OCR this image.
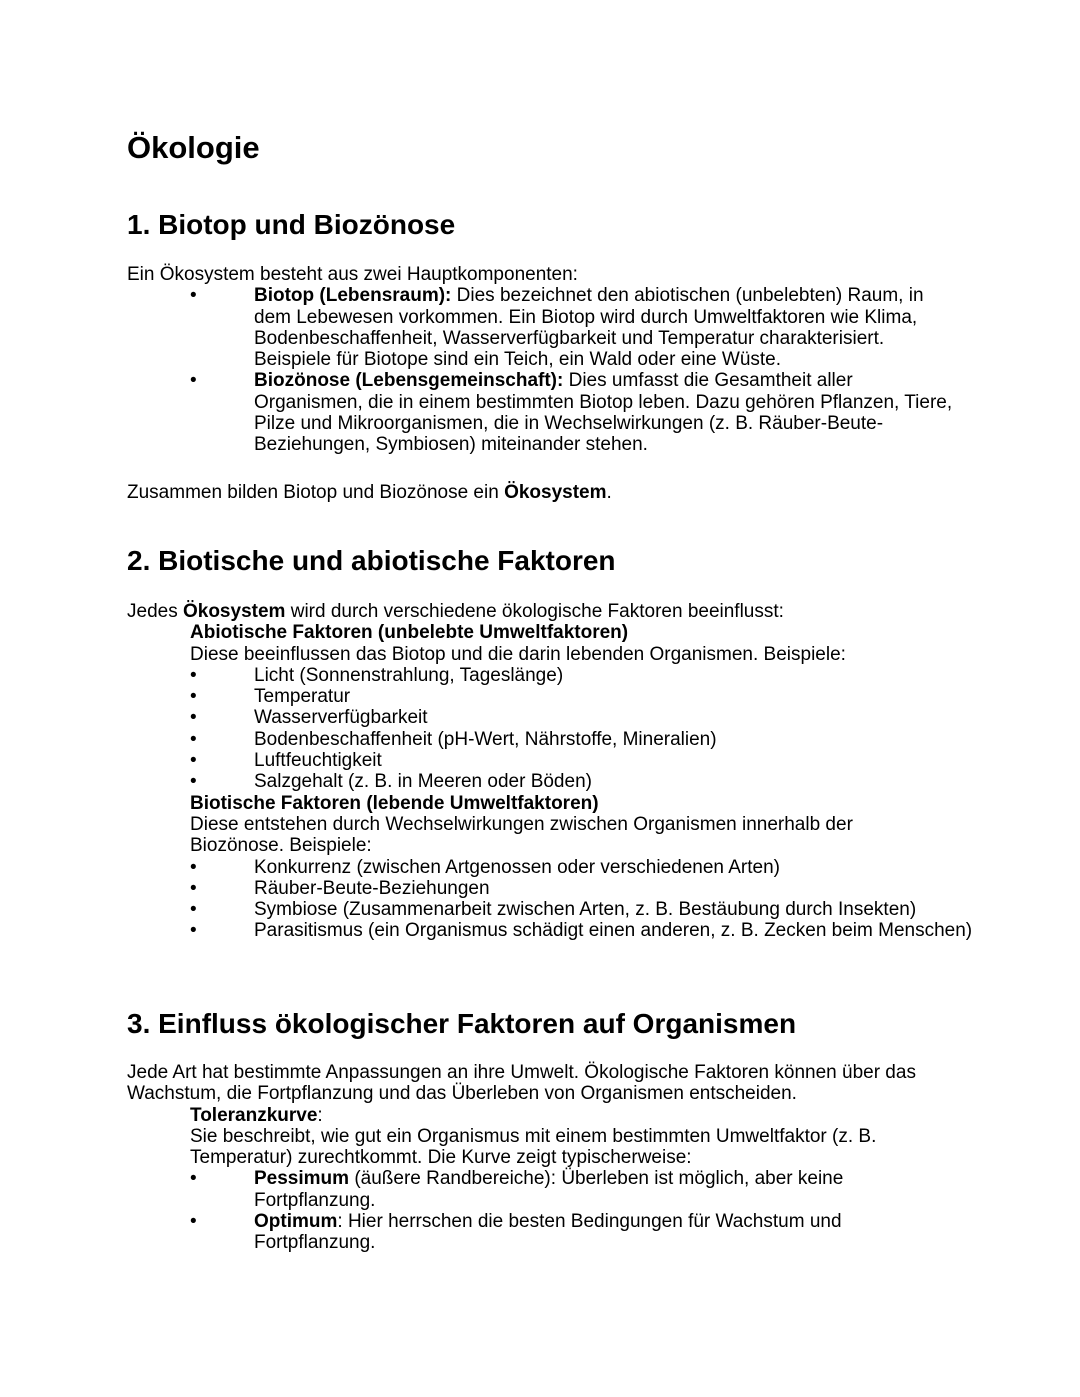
Ökologie
1. Biotop und Biozönose
Ein Ökosystem besteht aus zwei Hauptkomponenten:
•	Biotop (Lebensraum): Dies bezeichnet den abiotischen (unbelebten) Raum, in dem Lebewesen vorkommen. Ein Biotop wird durch Umweltfaktoren wie Klima, Bodenbeschaffenheit, Wasserverfügbarkeit und Temperatur charakterisiert. Beispiele für Biotope sind ein Teich, ein Wald oder eine Wüste.
•	Biozönose (Lebensgemeinschaft): Dies umfasst die Gesamtheit aller Organismen, die in einem bestimmten Biotop leben. Dazu gehören Pflanzen, Tiere, Pilze und Mikroorganismen, die in Wechselwirkungen (z. B. Räuber-Beute-Beziehungen, Symbiosen) miteinander stehen.
Zusammen bilden Biotop und Biozönose ein Ökosystem.
2. Biotische und abiotische Faktoren
Jedes Ökosystem wird durch verschiedene ökologische Faktoren beeinflusst:
Abiotische Faktoren (unbelebte Umweltfaktoren)
Diese beeinflussen das Biotop und die darin lebenden Organismen. Beispiele:
•	Licht (Sonnenstrahlung, Tageslänge)
•	Temperatur
•	Wasserverfügbarkeit
•	Bodenbeschaffenheit (pH-Wert, Nährstoffe, Mineralien)
•	Luftfeuchtigkeit
•	Salzgehalt (z. B. in Meeren oder Böden)
Biotische Faktoren (lebende Umweltfaktoren)
Diese entstehen durch Wechselwirkungen zwischen Organismen innerhalb der
Biozönose. Beispiele:
•	Konkurrenz (zwischen Artgenossen oder verschiedenen Arten)
•	Räuber-Beute-Beziehungen
•	Symbiose (Zusammenarbeit zwischen Arten, z. B. Bestäubung durch Insekten)
•	Parasitismus (ein Organismus schädigt einen anderen, z. B. Zecken beim Menschen)
3. Einfluss ökologischer Faktoren auf Organismen
Jede Art hat bestimmte Anpassungen an ihre Umwelt. Ökologische Faktoren können über das Wachstum, die Fortpflanzung und das Überleben von Organismen entscheiden.
Toleranzkurve:
Sie beschreibt, wie gut ein Organismus mit einem bestimmten Umweltfaktor (z. B. Temperatur) zurechtkommt. Die Kurve zeigt typischerweise:
•	Pessimum (äußere Randbereiche): Überleben ist möglich, aber keine Fortpflanzung.
•	Optimum: Hier herrschen die besten Bedingungen für Wachstum und Fortpflanzung.
